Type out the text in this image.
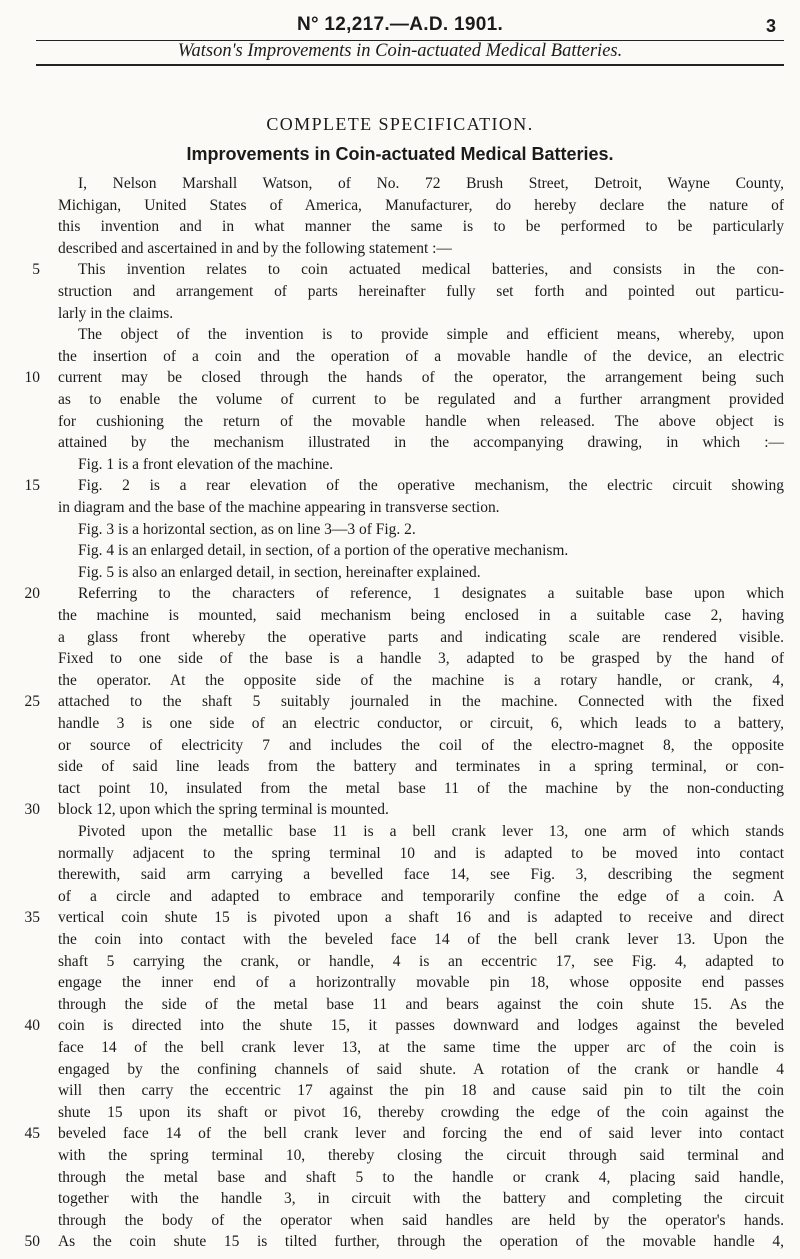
N° 12,217.—A.D. 1901.	3
Watson's Improvements in Coin-actuated Medical Batteries.
COMPLETE SPECIFICATION.
Improvements in Coin-actuated Medical Batteries.
5
10
15
20
25
30
35
40
45
50
I, Nelson Marshall Watson, of No. 72 Brush Street, Detroit, Wayne County,
Michigan, United States of America, Manufacturer, do hereby declare the nature of
this invention and in what manner the same is to be performed to be particularly
described and ascertained in and by the following statement :—
This invention relates to coin actuated medical batteries, and consists in the con-
struction and arrangement of parts hereinafter fully set forth and pointed out particu-
larly in the claims.
The object of the invention is to provide simple and efficient means, whereby, upon
the insertion of a coin and the operation of a movable handle of the device, an electric
current may be closed through the hands of the operator, the arrangement being such
as to enable the volume of current to be regulated and a further arrangment provided
for cushioning the return of the movable handle when released. The above object is
attained by the mechanism illustrated in the accompanying drawing, in which :—
Fig. 1 is a front elevation of the machine.
Fig. 2 is a rear elevation of the operative mechanism, the electric circuit showing
in diagram and the base of the machine appearing in transverse section.
Fig. 3 is a horizontal section, as on line 3—3 of Fig. 2.
Fig. 4 is an enlarged detail, in section, of a portion of the operative mechanism.
Fig. 5 is also an enlarged detail, in section, hereinafter explained.
Referring to the characters of reference, 1 designates a suitable base upon which
the machine is mounted, said mechanism being enclosed in a suitable case 2, having
a glass front whereby the operative parts and indicating scale are rendered visible.
Fixed to one side of the base is a handle 3, adapted to be grasped by the hand of
the operator. At the opposite side of the machine is a rotary handle, or crank, 4,
attached to the shaft 5 suitably journaled in the machine. Connected with the fixed
handle 3 is one side of an electric conductor, or circuit, 6, which leads to a battery,
or source of electricity 7 and includes the coil of the electro-magnet 8, the opposite
side of said line leads from the battery and terminates in a spring terminal, or con-
tact point 10, insulated from the metal base 11 of the machine by the non-conducting
block 12, upon which the spring terminal is mounted.
Pivoted upon the metallic base 11 is a bell crank lever 13, one arm of which stands
normally adjacent to the spring terminal 10 and is adapted to be moved into contact
therewith, said arm carrying a bevelled face 14, see Fig. 3, describing the segment
of a circle and adapted to embrace and temporarily confine the edge of a coin. A
vertical coin shute 15 is pivoted upon a shaft 16 and is adapted to receive and direct
the coin into contact with the beveled face 14 of the bell crank lever 13. Upon the
shaft 5 carrying the crank, or handle, 4 is an eccentric 17, see Fig. 4, adapted to
engage the inner end of a horizontrally movable pin 18, whose opposite end passes
through the side of the metal base 11 and bears against the coin shute 15. As the
coin is directed into the shute 15, it passes downward and lodges against the beveled
face 14 of the bell crank lever 13, at the same time the upper arc of the coin is
engaged by the confining channels of said shute. A rotation of the crank or handle 4
will then carry the eccentric 17 against the pin 18 and cause said pin to tilt the coin
shute 15 upon its shaft or pivot 16, thereby crowding the edge of the coin against the
beveled face 14 of the bell crank lever and forcing the end of said lever into contact
with the spring terminal 10, thereby closing the circuit through said terminal and
through the metal base and shaft 5 to the handle or crank 4, placing said handle,
together with the handle 3, in circuit with the battery and completing the circuit
through the body of the operator when said handles are held by the operator's hands.
As the coin shute 15 is tilted further, through the operation of the movable handle 4,
